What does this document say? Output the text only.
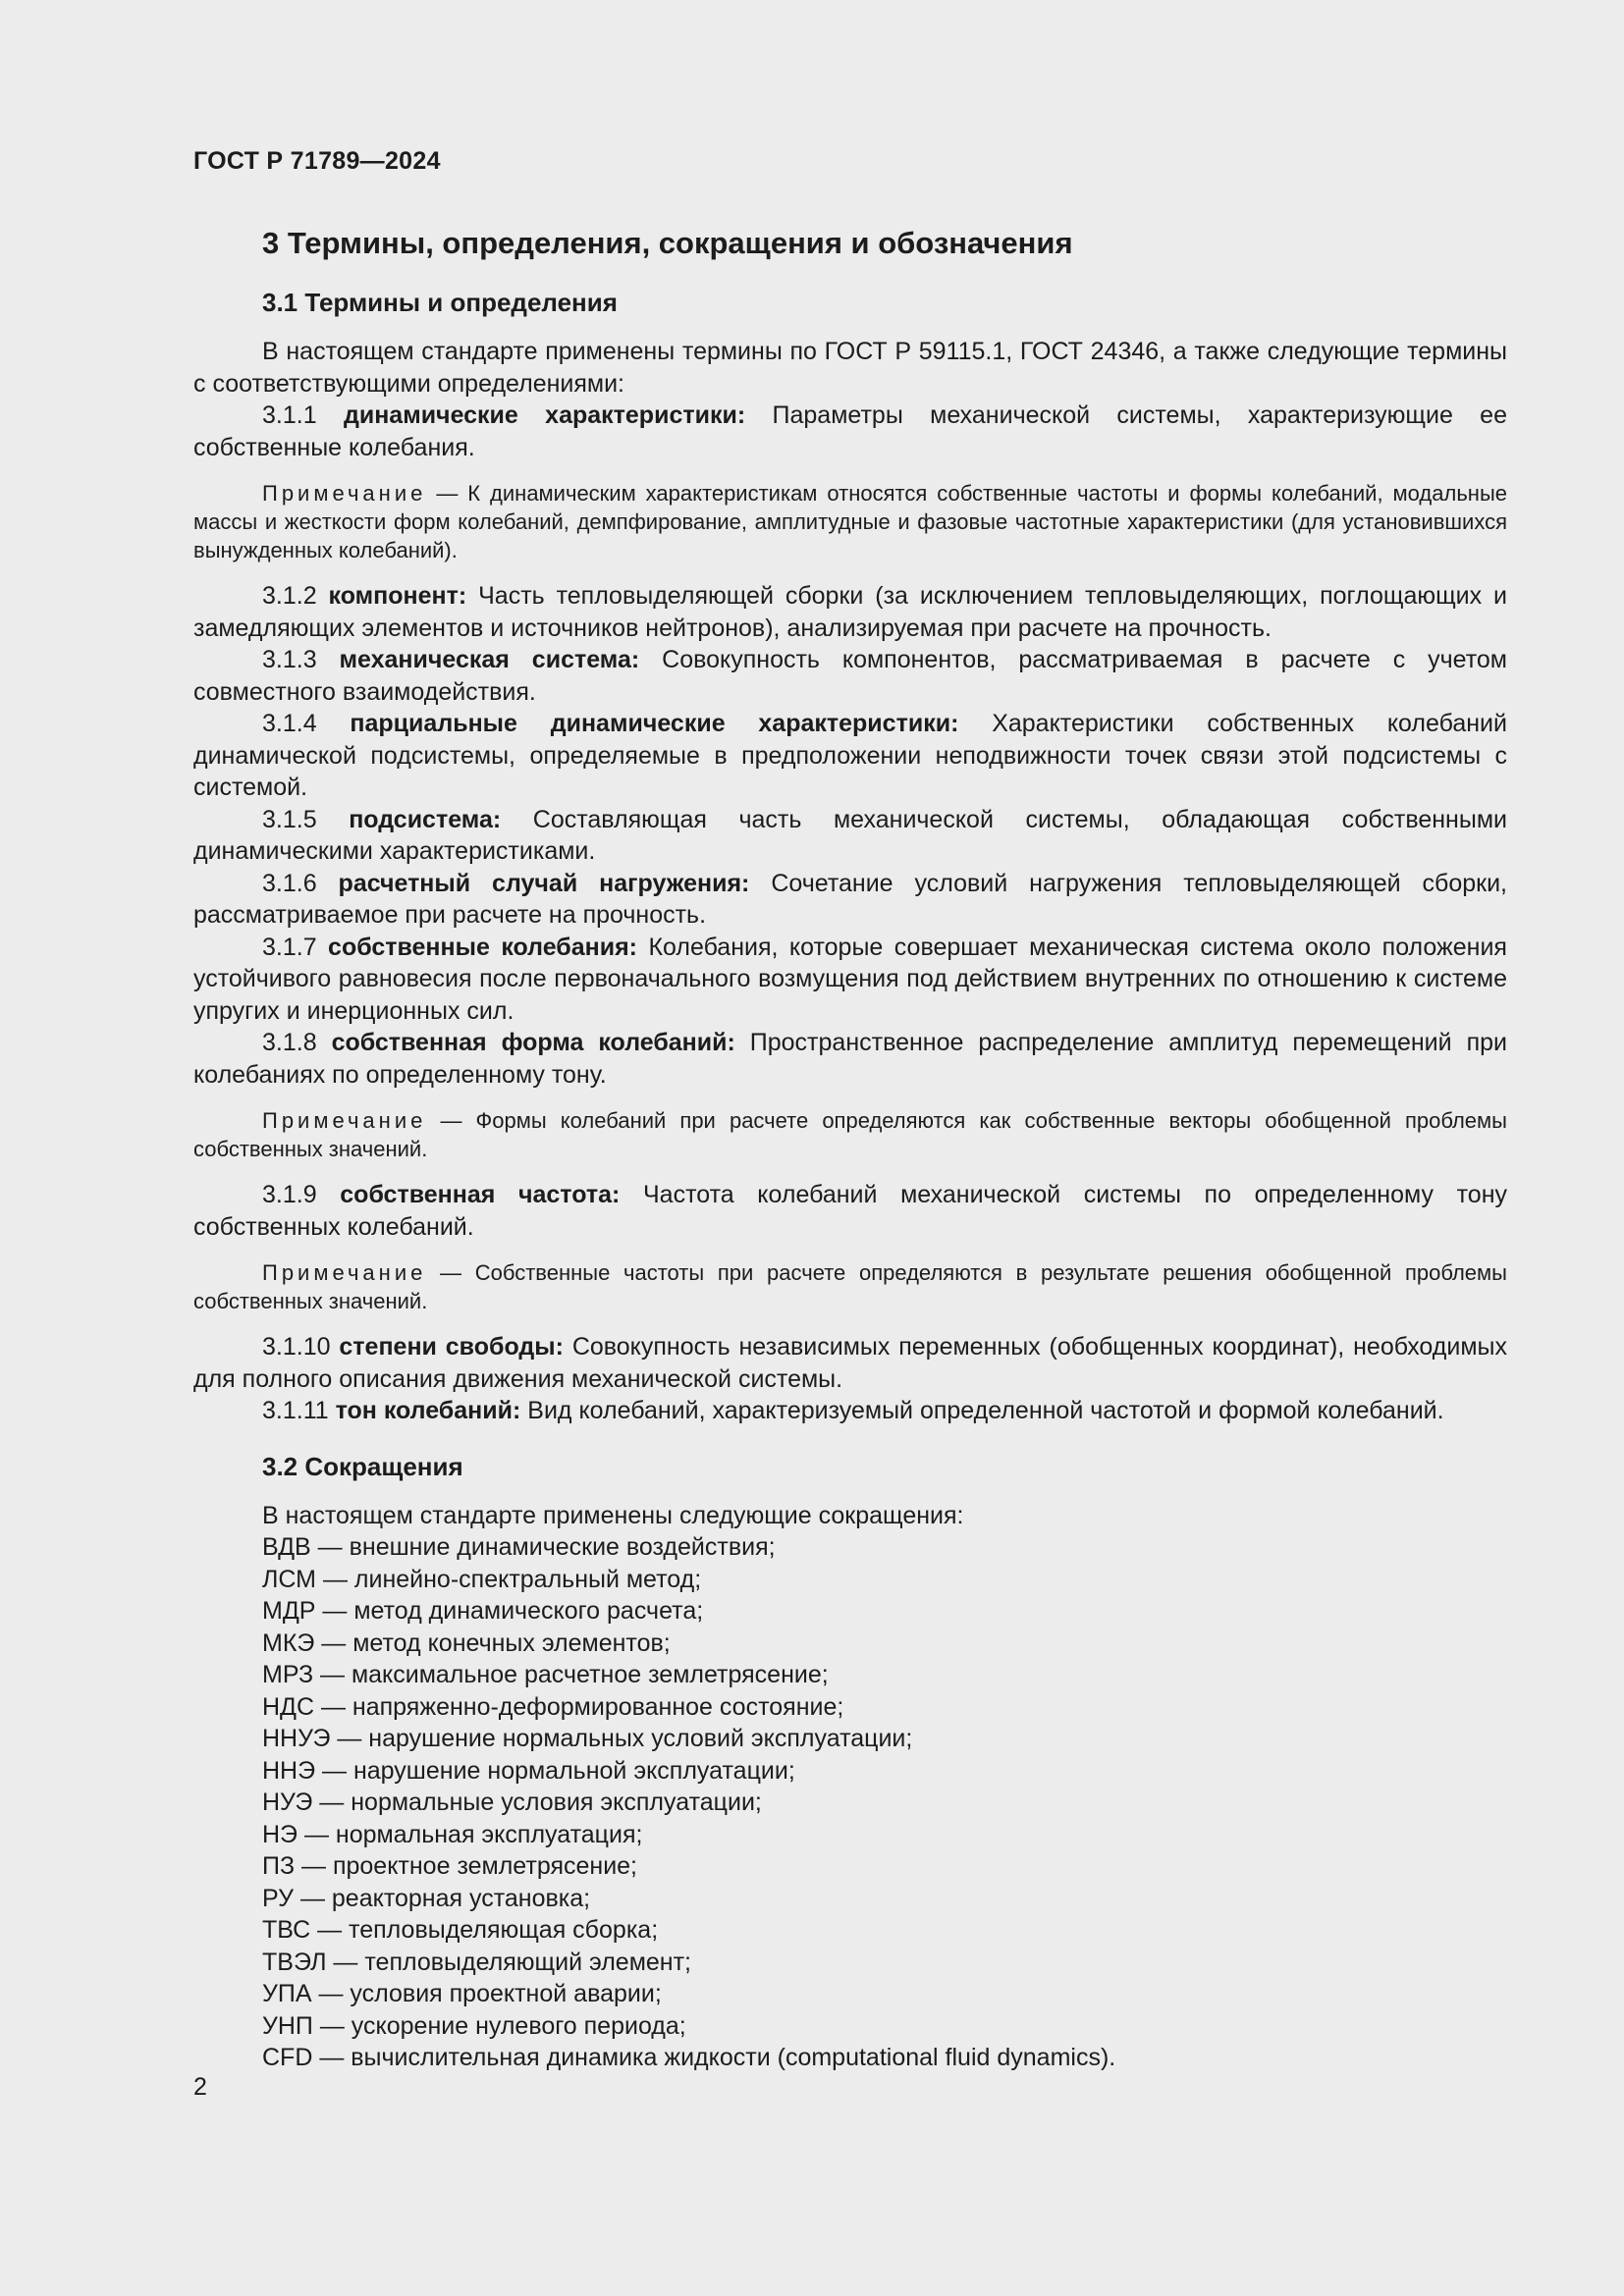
ГОСТ Р 71789—2024
3 Термины, определения, сокращения и обозначения
3.1 Термины и определения
В настоящем стандарте применены термины по ГОСТ Р 59115.1, ГОСТ 24346, а также следующие термины с соответствующими определениями:
3.1.1 динамические характеристики: Параметры механической системы, характеризующие ее собственные колебания.
Примечание — К динамическим характеристикам относятся собственные частоты и формы колебаний, модальные массы и жесткости форм колебаний, демпфирование, амплитудные и фазовые частотные характеристики (для установившихся вынужденных колебаний).
3.1.2 компонент: Часть тепловыделяющей сборки (за исключением тепловыделяющих, поглощающих и замедляющих элементов и источников нейтронов), анализируемая при расчете на прочность.
3.1.3 механическая система: Совокупность компонентов, рассматриваемая в расчете с учетом совместного взаимодействия.
3.1.4 парциальные динамические характеристики: Характеристики собственных колебаний динамической подсистемы, определяемые в предположении неподвижности точек связи этой подсистемы с системой.
3.1.5 подсистема: Составляющая часть механической системы, обладающая собственными динамическими характеристиками.
3.1.6 расчетный случай нагружения: Сочетание условий нагружения тепловыделяющей сборки, рассматриваемое при расчете на прочность.
3.1.7 собственные колебания: Колебания, которые совершает механическая система около положения устойчивого равновесия после первоначального возмущения под действием внутренних по отношению к системе упругих и инерционных сил.
3.1.8 собственная форма колебаний: Пространственное распределение амплитуд перемещений при колебаниях по определенному тону.
Примечание — Формы колебаний при расчете определяются как собственные векторы обобщенной проблемы собственных значений.
3.1.9 собственная частота: Частота колебаний механической системы по определенному тону собственных колебаний.
Примечание — Собственные частоты при расчете определяются в результате решения обобщенной проблемы собственных значений.
3.1.10 степени свободы: Совокупность независимых переменных (обобщенных координат), необходимых для полного описания движения механической системы.
3.1.11 тон колебаний: Вид колебаний, характеризуемый определенной частотой и формой колебаний.
3.2 Сокращения
В настоящем стандарте применены следующие сокращения:
ВДВ — внешние динамические воздействия;
ЛСМ — линейно-спектральный метод;
МДР — метод динамического расчета;
МКЭ — метод конечных элементов;
МРЗ — максимальное расчетное землетрясение;
НДС — напряженно-деформированное состояние;
ННУЭ — нарушение нормальных условий эксплуатации;
ННЭ — нарушение нормальной эксплуатации;
НУЭ — нормальные условия эксплуатации;
НЭ — нормальная эксплуатация;
ПЗ — проектное землетрясение;
РУ — реакторная установка;
ТВС — тепловыделяющая сборка;
ТВЭЛ — тепловыделяющий элемент;
УПА — условия проектной аварии;
УНП — ускорение нулевого периода;
CFD — вычислительная динамика жидкости (computational fluid dynamics).
2
